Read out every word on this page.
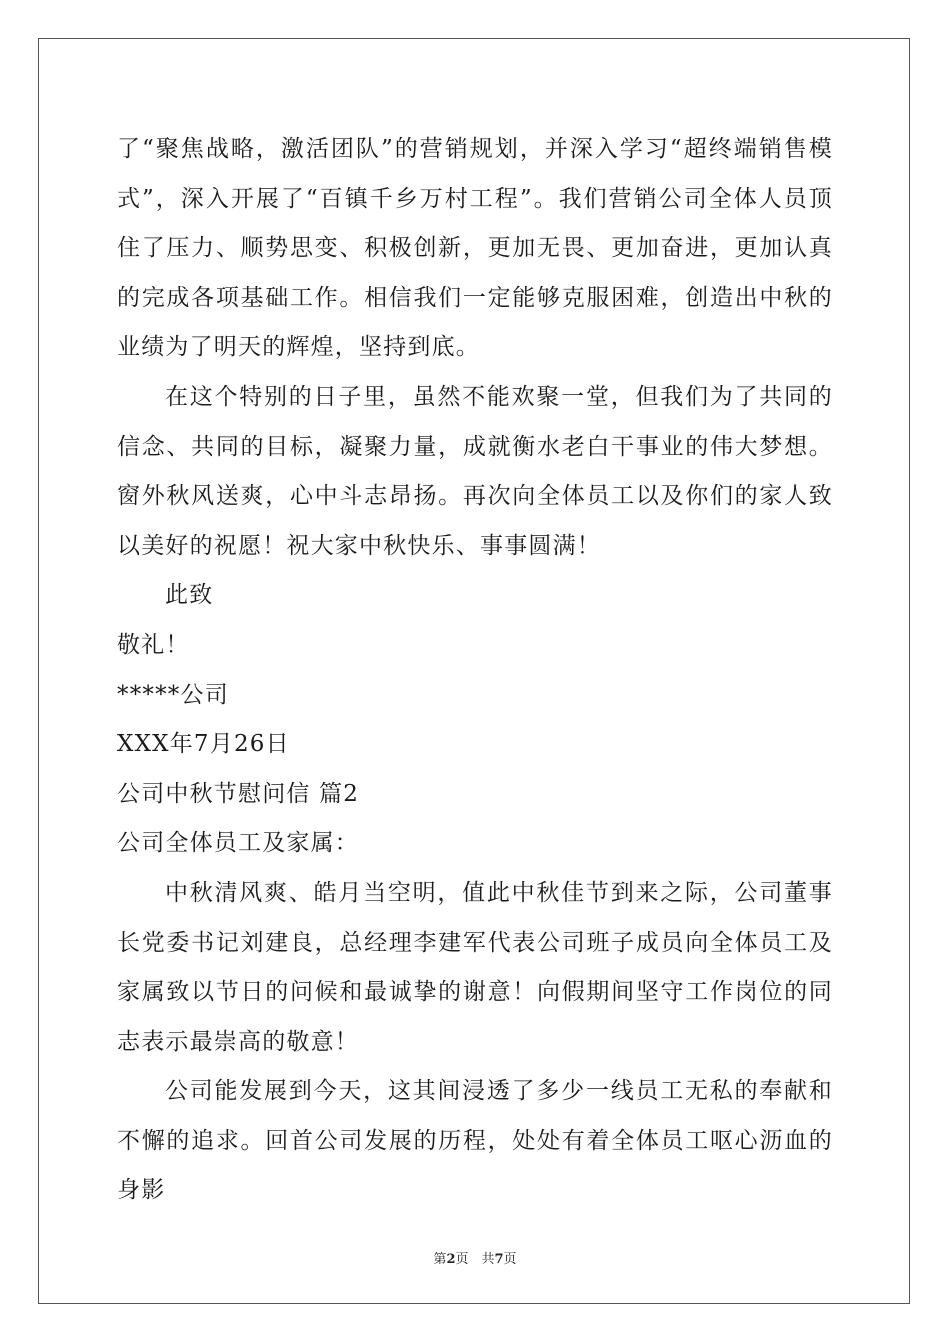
了“聚焦战略，激活团队”的营销规划，并深入学习“超终端销售模式”，深入开展了“百镇千乡万村工程”。我们营销公司全体人员顶住了压力、顺势思变、积极创新，更加无畏、更加奋进，更加认真的完成各项基础工作。相信我们一定能够克服困难，创造出中秋的业绩为了明天的辉煌，坚持到底。

在这个特别的日子里，虽然不能欢聚一堂，但我们为了共同的信念、共同的目标，凝聚力量，成就衡水老白干事业的伟大梦想。窗外秋风送爽，心中斗志昂扬。再次向全体员工以及你们的家人致以美好的祝愿！祝大家中秋快乐、事事圆满！

此致

敬礼！

*****公司

XXX年7月26日

公司中秋节慰问信 篇2

公司全体员工及家属：

中秋清风爽、皓月当空明，值此中秋佳节到来之际，公司董事长党委书记刘建良，总经理李建军代表公司班子成员向全体员工及家属致以节日的问候和最诚挚的谢意！向假期间坚守工作岗位的同志表示最崇高的敬意！

公司能发展到今天，这其间浸透了多少一线员工无私的奉献和不懈的追求。回首公司发展的历程，处处有着全体员工呕心沥血的身影

第2页　共7页
